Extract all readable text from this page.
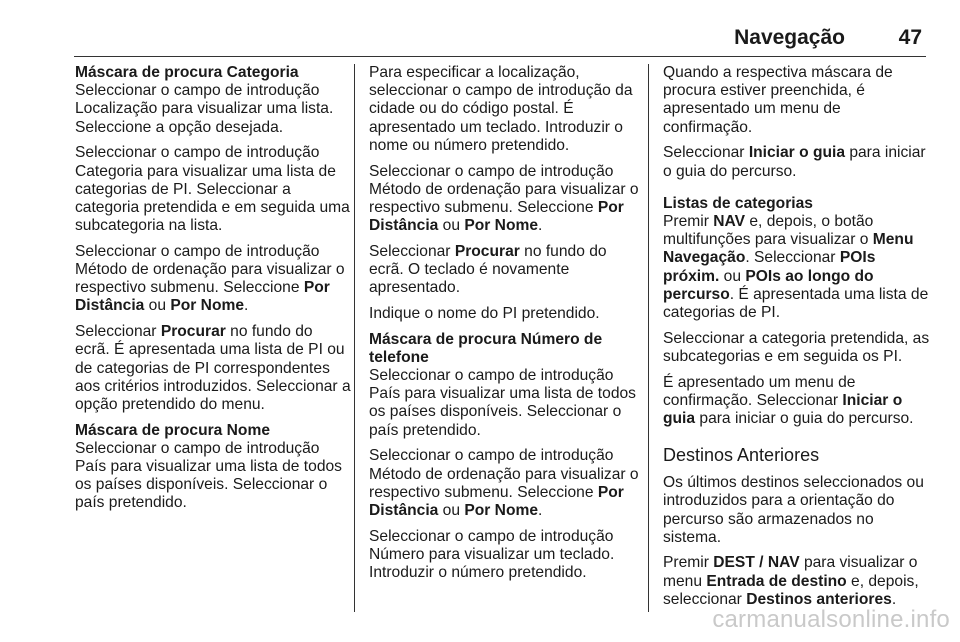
Navegação	47

Máscara de procura Categoria
Seleccionar o campo de introdução Localização para visualizar uma lista. Seleccione a opção desejada.

Seleccionar o campo de introdução Categoria para visualizar uma lista de categorias de PI. Seleccionar a categoria pretendida e em seguida uma subcategoria na lista.

Seleccionar o campo de introdução Método de ordenação para visualizar o respectivo submenu. Seleccione Por Distância ou Por Nome.

Seleccionar Procurar no fundo do ecrã. É apresentada uma lista de PI ou de categorias de PI correspondentes aos critérios introduzidos. Seleccionar a opção pretendido do menu.

Máscara de procura Nome
Seleccionar o campo de introdução País para visualizar uma lista de todos os países disponíveis. Seleccionar o país pretendido.

Para especificar a localização, seleccionar o campo de introdução da cidade ou do código postal. É apresentado um teclado. Introduzir o nome ou número pretendido.

Seleccionar o campo de introdução Método de ordenação para visualizar o respectivo submenu. Seleccione Por Distância ou Por Nome.

Seleccionar Procurar no fundo do ecrã. O teclado é novamente apresentado.

Indique o nome do PI pretendido.

Máscara de procura Número de telefone
Seleccionar o campo de introdução País para visualizar uma lista de todos os países disponíveis. Seleccionar o país pretendido.

Seleccionar o campo de introdução Método de ordenação para visualizar o respectivo submenu. Seleccione Por Distância ou Por Nome.

Seleccionar o campo de introdução Número para visualizar um teclado. Introduzir o número pretendido.

Quando a respectiva máscara de procura estiver preenchida, é apresentado um menu de confirmação.

Seleccionar Iniciar o guia para iniciar o guia do percurso.

Listas de categorias
Premir NAV e, depois, o botão multifunções para visualizar o Menu Navegação. Seleccionar POIs próxim. ou POIs ao longo do percurso. É apresentada uma lista de categorias de PI.

Seleccionar a categoria pretendida, as subcategorias e em seguida os PI.

É apresentado um menu de confirmação. Seleccionar Iniciar o guia para iniciar o guia do percurso.

Destinos Anteriores

Os últimos destinos seleccionados ou introduzidos para a orientação do percurso são armazenados no sistema.

Premir DEST / NAV para visualizar o menu Entrada de destino e, depois, seleccionar Destinos anteriores.

carmanualsonline.info
